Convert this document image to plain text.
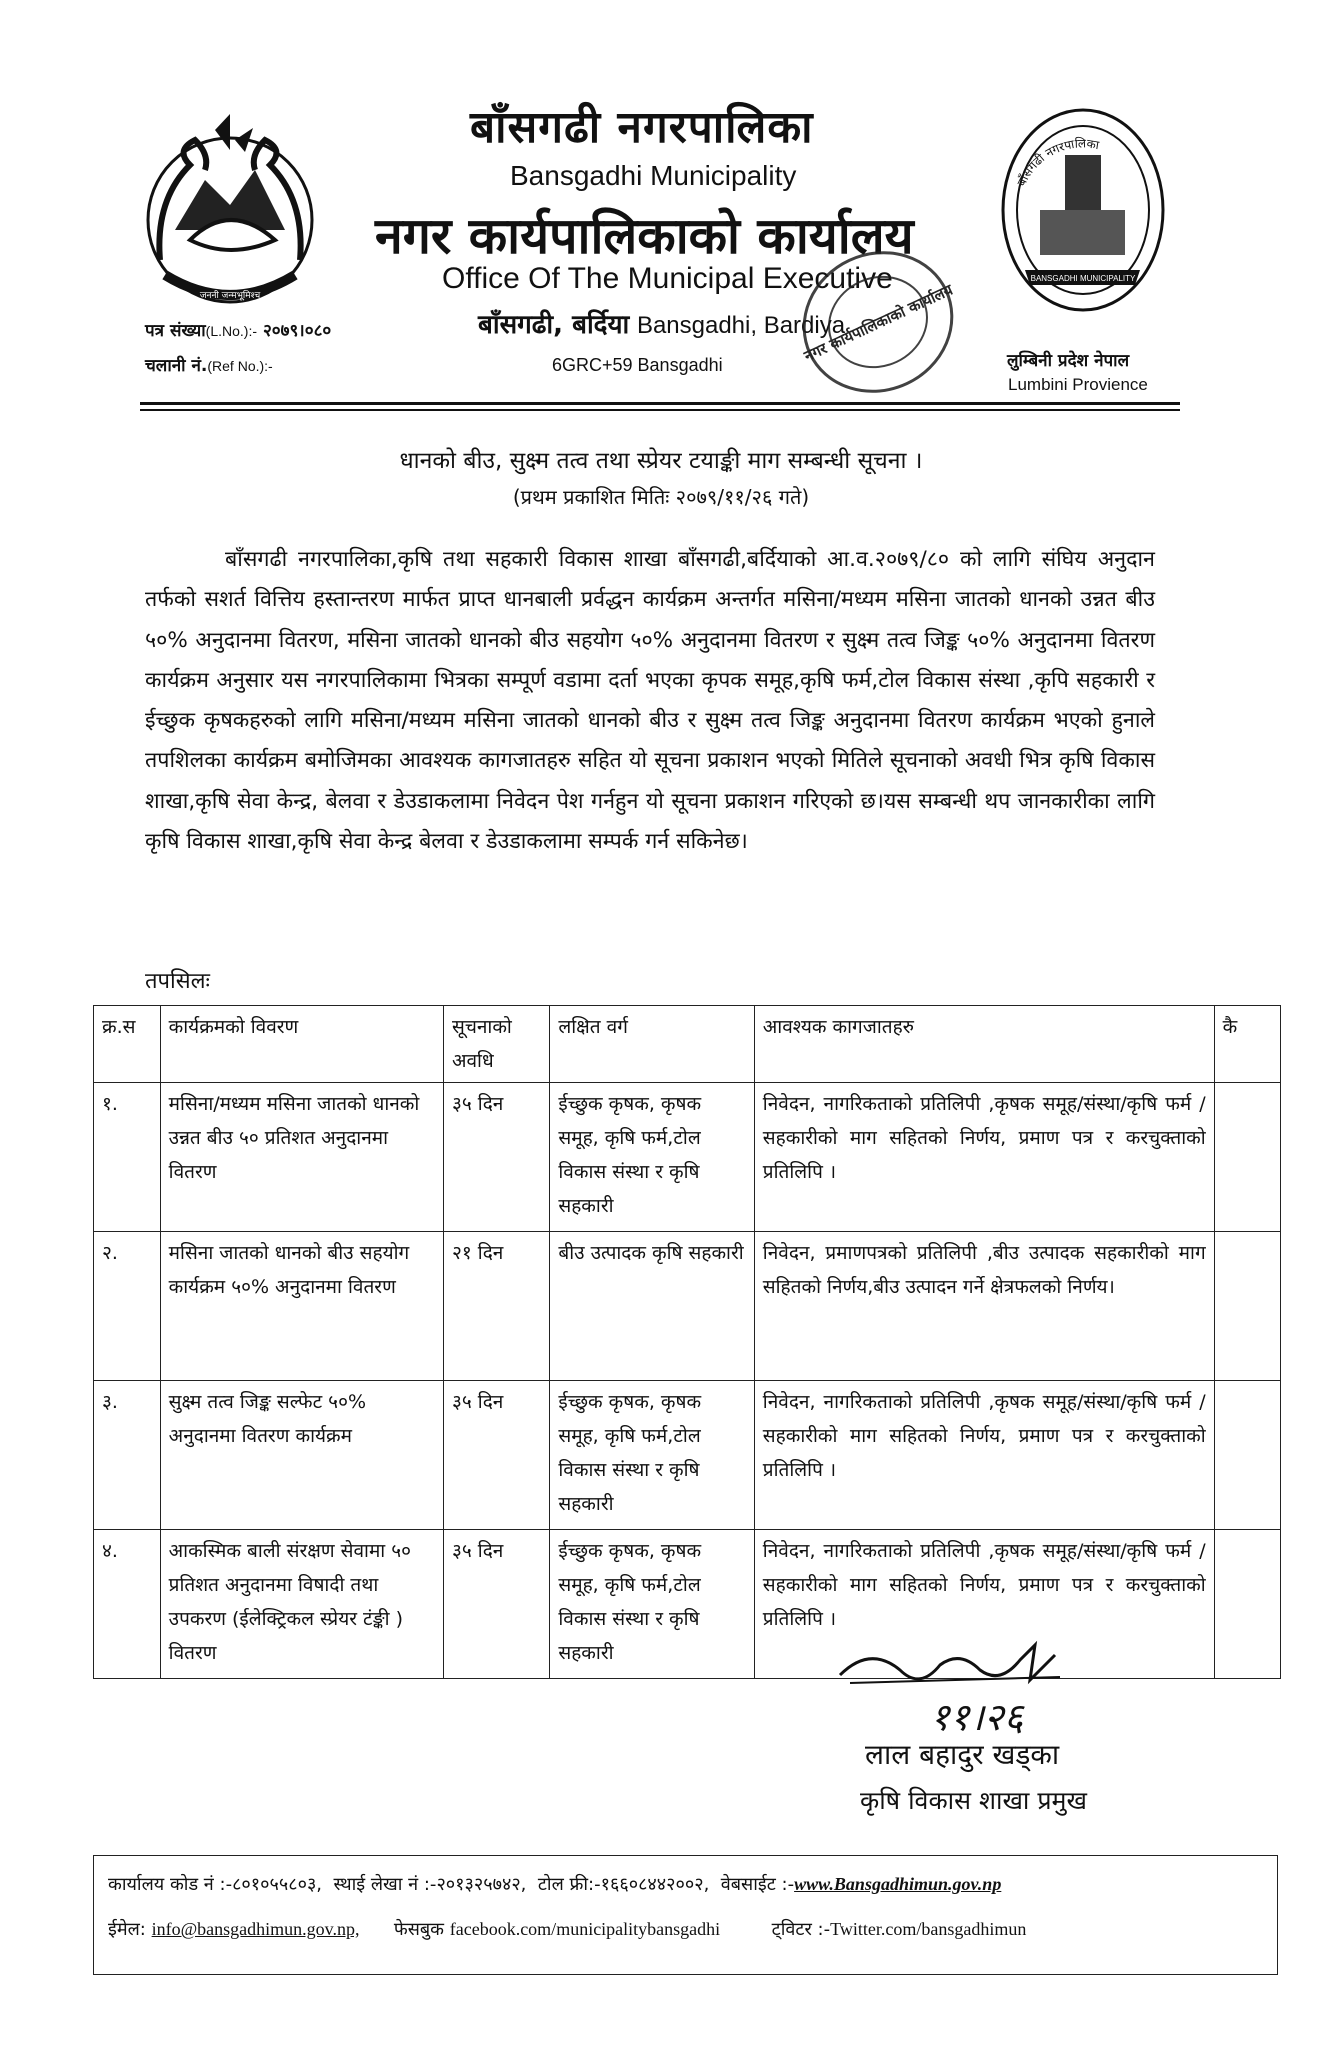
जननी जन्मभूमिश्च
बाँसगढी नगरपालिका
Bansgadhi Municipality
नगर कार्यपालिकाको कार्यालय
Office Of The Municipal Executive
बाँसगढी, बर्दिया Bansgadhi, Bardiya
6GRC+59 Bansgadhi
पत्र संख्या(L.No.):- २०७९।०८०
चलानी नं.(Ref No.):-
बाँसगढी नगरपालिका
BANSGADHI MUNICIPALITY
लुम्बिनी प्रदेश नेपाल
Lumbini Provience
नगर कार्यपालिकाको कार्यालय
धानको बीउ, सुक्ष्म तत्व तथा स्प्रेयर टयाङ्की माग सम्बन्धी सूचना ।
(प्रथम प्रकाशित मितिः २०७९/११/२६ गते)
बाँसगढी नगरपालिका,कृषि तथा सहकारी विकास शाखा बाँसगढी,बर्दियाको आ.व.२०७९/८० को लागि संघिय अनुदान तर्फको सशर्त वित्तिय हस्तान्तरण मार्फत प्राप्त धानबाली प्रर्वद्धन कार्यक्रम अन्तर्गत मसिना/मध्यम मसिना जातको धानको उन्नत बीउ ५०% अनुदानमा वितरण, मसिना जातको धानको बीउ सहयोग ५०% अनुदानमा वितरण र सुक्ष्म तत्व जिङ्क ५०% अनुदानमा वितरण कार्यक्रम अनुसार यस नगरपालिकामा भित्रका सम्पूर्ण वडामा दर्ता भएका कृपक समूह,कृषि फर्म,टोल विकास संस्था ,कृपि सहकारी र ईच्छुक कृषकहरुको लागि मसिना/मध्यम मसिना जातको धानको बीउ र सुक्ष्म तत्व जिङ्क अनुदानमा वितरण कार्यक्रम भएको हुनाले तपशिलका कार्यक्रम बमोजिमका आवश्यक कागजातहरु सहित यो सूचना प्रकाशन भएको मितिले सूचनाको अवधी भित्र कृषि विकास शाखा,कृषि सेवा केन्द्र, बेलवा र डेउडाकलामा निवेदन पेश गर्नहुन यो सूचना प्रकाशन गरिएको छ।यस सम्बन्धी थप जानकारीका लागि कृषि विकास शाखा,कृषि सेवा केन्द्र बेलवा र डेउडाकलामा सम्पर्क गर्न सकिनेछ।
तपसिलः
क्र.स	कार्यक्रमको विवरण	सूचनाको अवधि	लक्षित वर्ग	आवश्यक कागजातहरु	कै
१.	मसिना/मध्यम मसिना जातको धानको उन्नत बीउ ५० प्रतिशत अनुदानमा वितरण	३५ दिन	ईच्छुक कृषक, कृषक समूह, कृषि फर्म,टोल विकास संस्था र कृषि सहकारी	निवेदन, नागरिकताको प्रतिलिपी ,कृषक समूह/संस्था/कृषि फर्म /सहकारीको माग सहितको निर्णय, प्रमाण पत्र र करचुक्ताको प्रतिलिपि ।	
२.	मसिना जातको धानको बीउ सहयोग कार्यक्रम ५०% अनुदानमा वितरण	२१ दिन	बीउ उत्पादक कृषि सहकारी	निवेदन, प्रमाणपत्रको प्रतिलिपी ,बीउ उत्पादक सहकारीको माग सहितको निर्णय,बीउ उत्पादन गर्ने क्षेत्रफलको निर्णय।	
३.	सुक्ष्म तत्व जिङ्क सल्फेट ५०% अनुदानमा वितरण कार्यक्रम	३५ दिन	ईच्छुक कृषक, कृषक समूह, कृषि फर्म,टोल विकास संस्था र कृषि सहकारी	निवेदन, नागरिकताको प्रतिलिपी ,कृषक समूह/संस्था/कृषि फर्म /सहकारीको माग सहितको निर्णय, प्रमाण पत्र र करचुक्ताको प्रतिलिपि ।	
४.	आकस्मिक बाली संरक्षण सेवामा ५० प्रतिशत अनुदानमा विषादी तथा उपकरण (ईलेक्ट्रिकल स्प्रेयर टंङ्की ) वितरण	३५ दिन	ईच्छुक कृषक, कृषक समूह, कृषि फर्म,टोल विकास संस्था र कृषि सहकारी	निवेदन, नागरिकताको प्रतिलिपी ,कृषक समूह/संस्था/कृषि फर्म /सहकारीको माग सहितको निर्णय, प्रमाण पत्र र करचुक्ताको प्रतिलिपि ।	
११।२६
लाल बहादुर खड्का
कृषि विकास शाखा प्रमुख
कार्यालय कोड नं :-८०१०५५८०३, स्थाई लेखा नं :-२०१३२५७४२, टोल फ्री:-१६६०८४४२००२, वेबसाईट :-www.Bansgadhimun.gov.np
ईमेल: info@bansgadhimun.gov.np, फेसबुक facebook.com/municipalitybansgadhi	ट्विटर :-Twitter.com/bansgadhimun
